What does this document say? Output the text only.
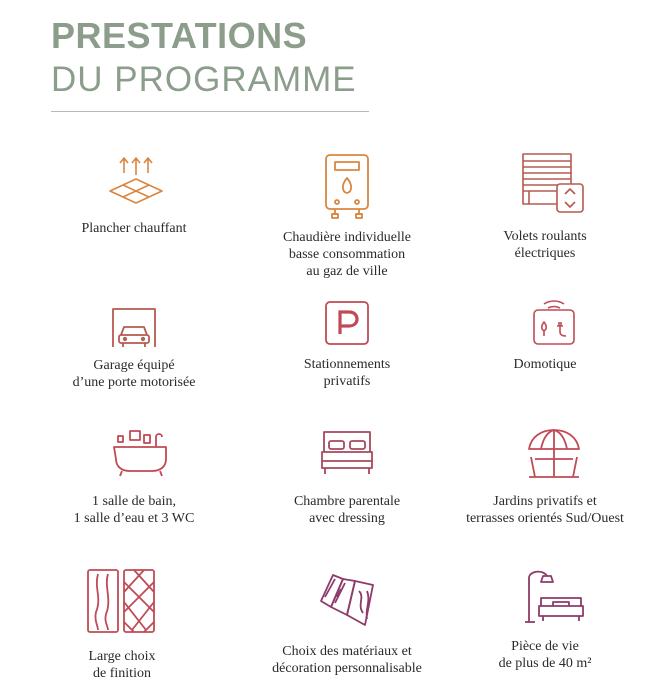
PRESTATIONS
DU PROGRAMME
Plancher chauffant
Chaudière individuelle
basse consommation
au gaz de ville
Volets roulants
électriques
Garage équipé
d’une porte motorisée
Stationnements
privatifs
Domotique
1 salle de bain,
1 salle d’eau et 3 WC
Chambre parentale
avec dressing
Jardins privatifs et
terrasses orientés Sud/Ouest
Large choix
de finition
Choix des matériaux et
décoration personnalisable
Pièce de vie
de plus de 40 m²
